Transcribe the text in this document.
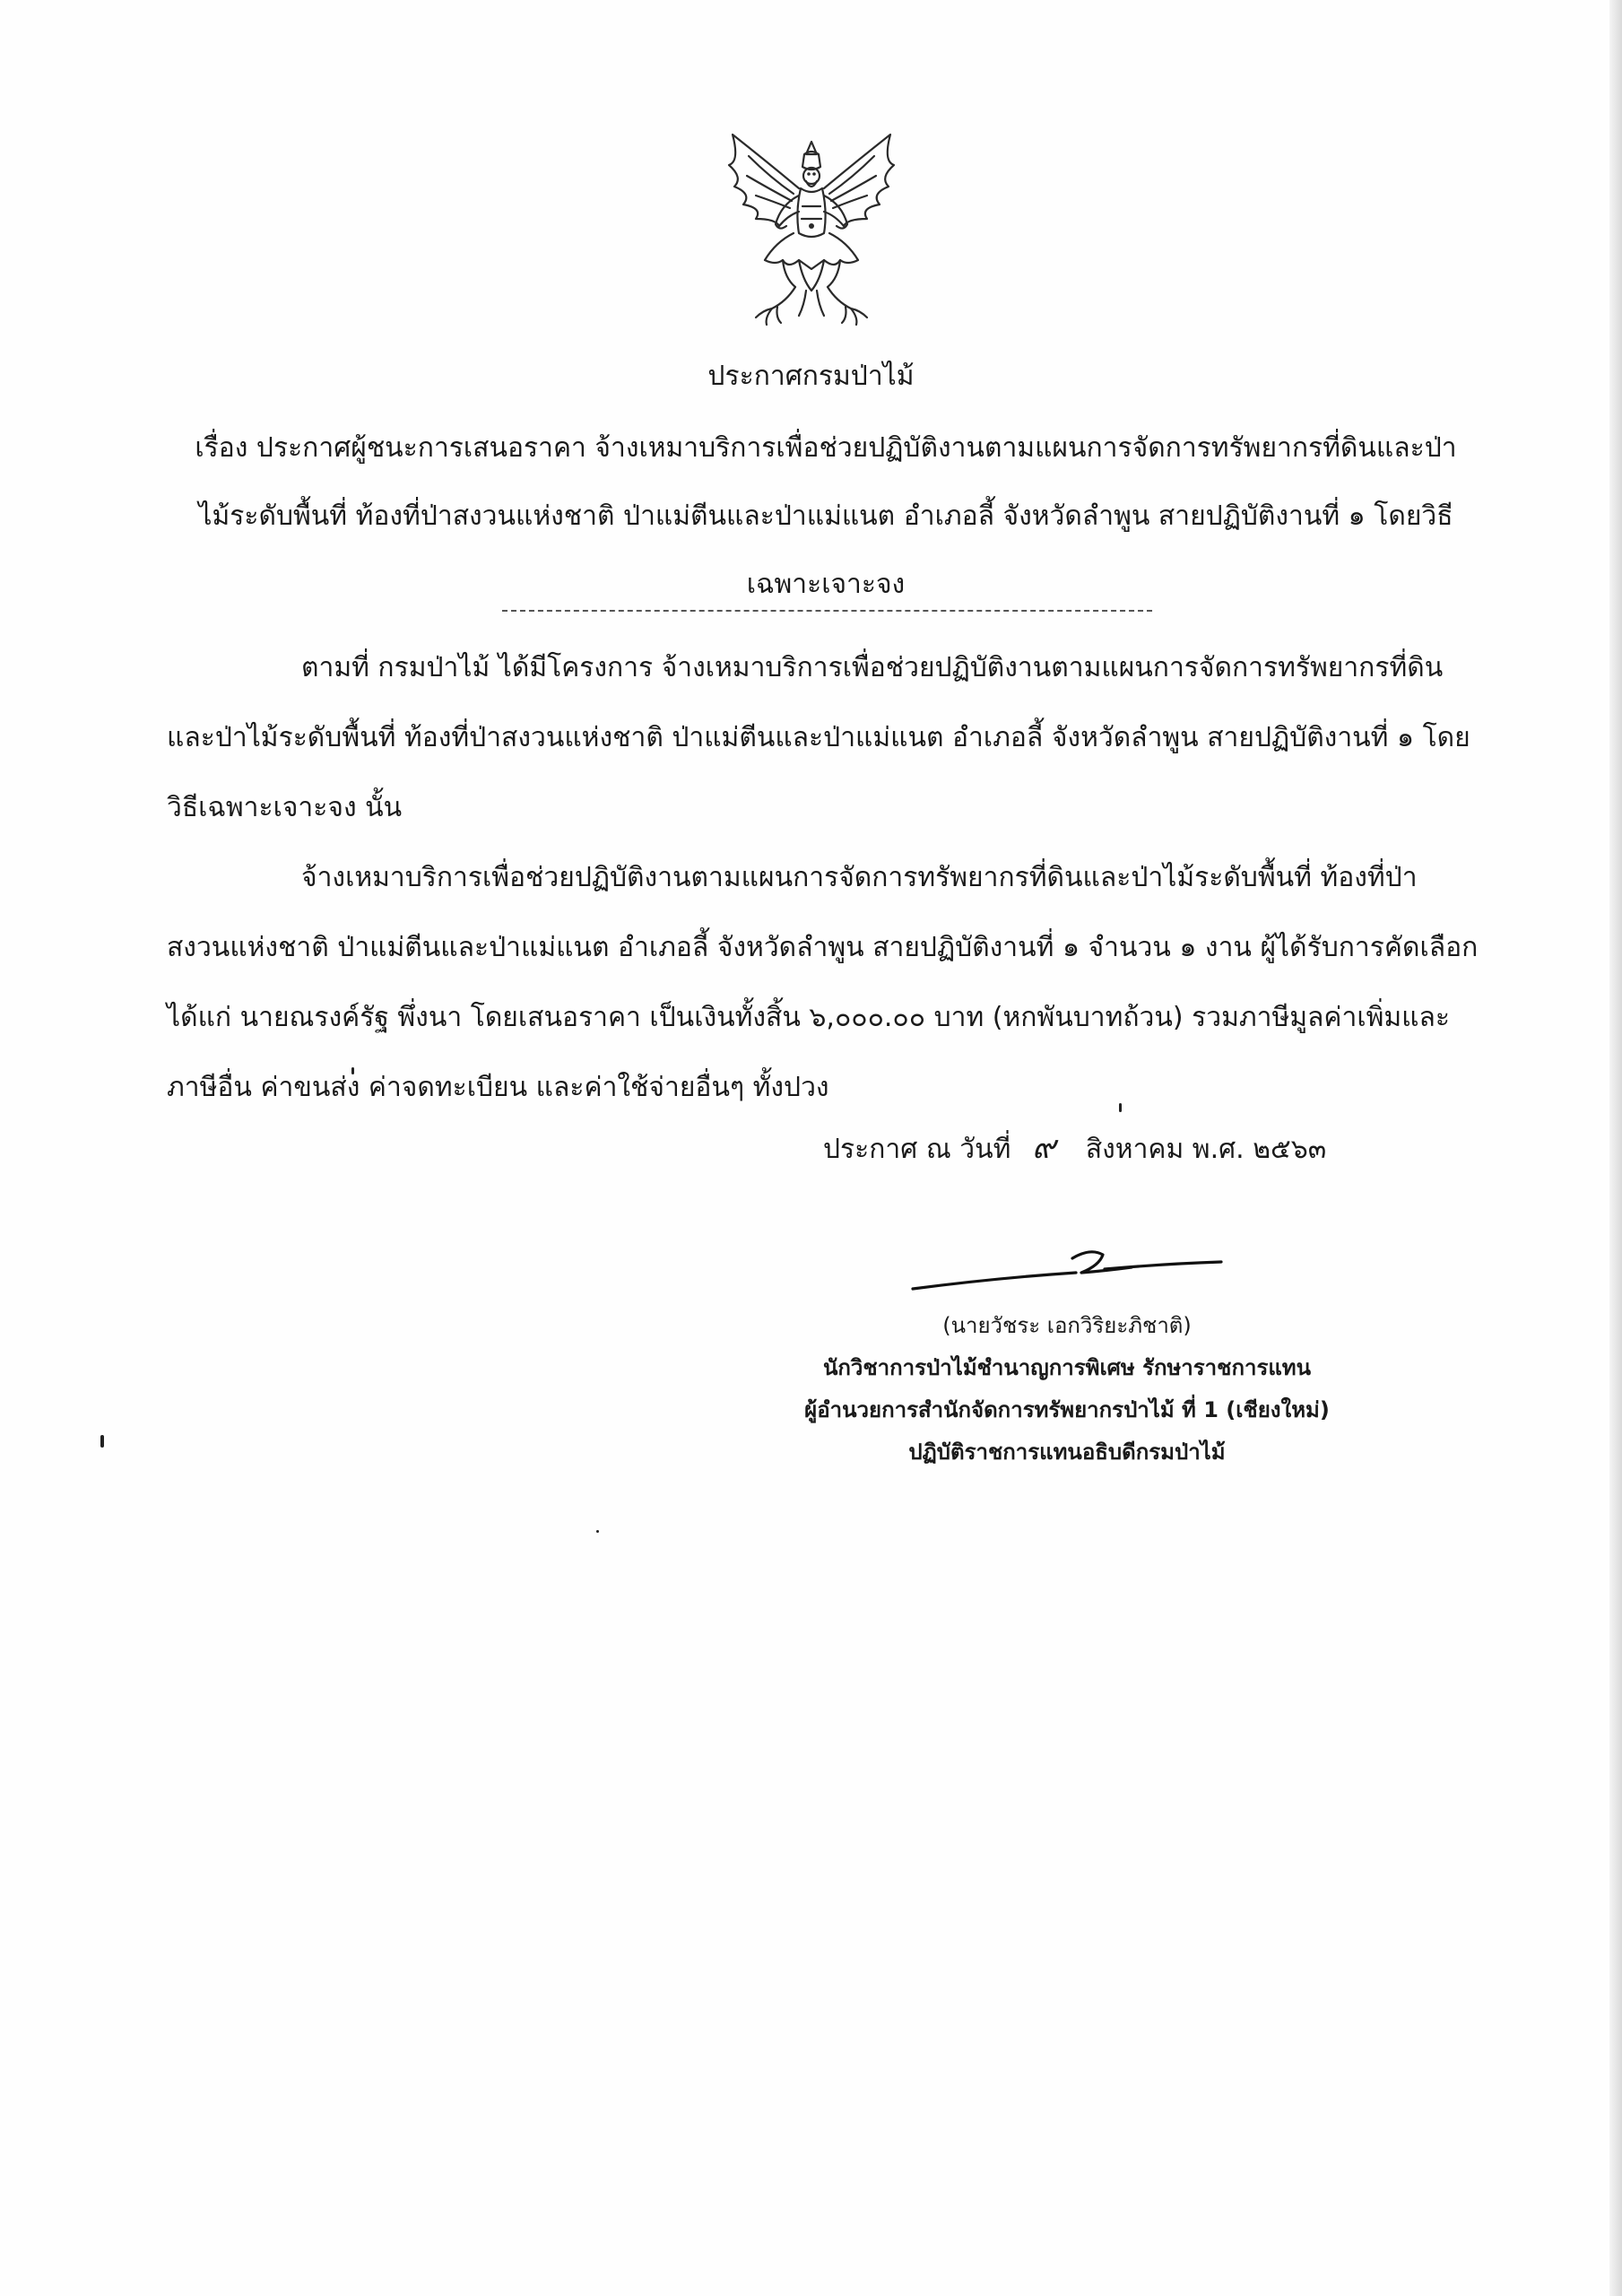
ประกาศกรมป่าไม้
เรื่อง ประกาศผู้ชนะการเสนอราคา จ้างเหมาบริการเพื่อช่วยปฏิบัติงานตามแผนการจัดการทรัพยากรที่ดินและป่า
ไม้ระดับพื้นที่ ท้องที่ป่าสงวนแห่งชาติ ป่าแม่ตีนและป่าแม่แนต อำเภอลี้ จังหวัดลำพูน สายปฏิบัติงานที่ ๑ โดยวิธี
เฉพาะเจาะจง
ตามที่ กรมป่าไม้ ได้มีโครงการ จ้างเหมาบริการเพื่อช่วยปฏิบัติงานตามแผนการจัดการทรัพยากรที่ดิน
และป่าไม้ระดับพื้นที่ ท้องที่ป่าสงวนแห่งชาติ ป่าแม่ตีนและป่าแม่แนต อำเภอลี้ จังหวัดลำพูน สายปฏิบัติงานที่ ๑ โดย
วิธีเฉพาะเจาะจง นั้น
จ้างเหมาบริการเพื่อช่วยปฏิบัติงานตามแผนการจัดการทรัพยากรที่ดินและป่าไม้ระดับพื้นที่ ท้องที่ป่า
สงวนแห่งชาติ ป่าแม่ตีนและป่าแม่แนต อำเภอลี้ จังหวัดลำพูน สายปฏิบัติงานที่ ๑ จำนวน ๑ งาน ผู้ได้รับการคัดเลือก
ได้แก่ นายณรงค์รัฐ พึ่งนา โดยเสนอราคา เป็นเงินทั้งสิ้น ๖,๐๐๐.๐๐ บาท (หกพันบาทถ้วน) รวมภาษีมูลค่าเพิ่มและ
ภาษีอื่น ค่าขนส่ง ค่าจดทะเบียน และค่าใช้จ่ายอื่นๆ ทั้งปวง
ประกาศ ณ วันที่ ๙ สิงหาคม พ.ศ. ๒๕๖๓
(นายวัชระ เอกวิริยะภิชาติ)
นักวิชาการป่าไม้ชำนาญการพิเศษ รักษาราชการแทน
ผู้อำนวยการสำนักจัดการทรัพยากรป่าไม้ ที่ 1 (เชียงใหม่)
ปฏิบัติราชการแทนอธิบดีกรมป่าไม้
